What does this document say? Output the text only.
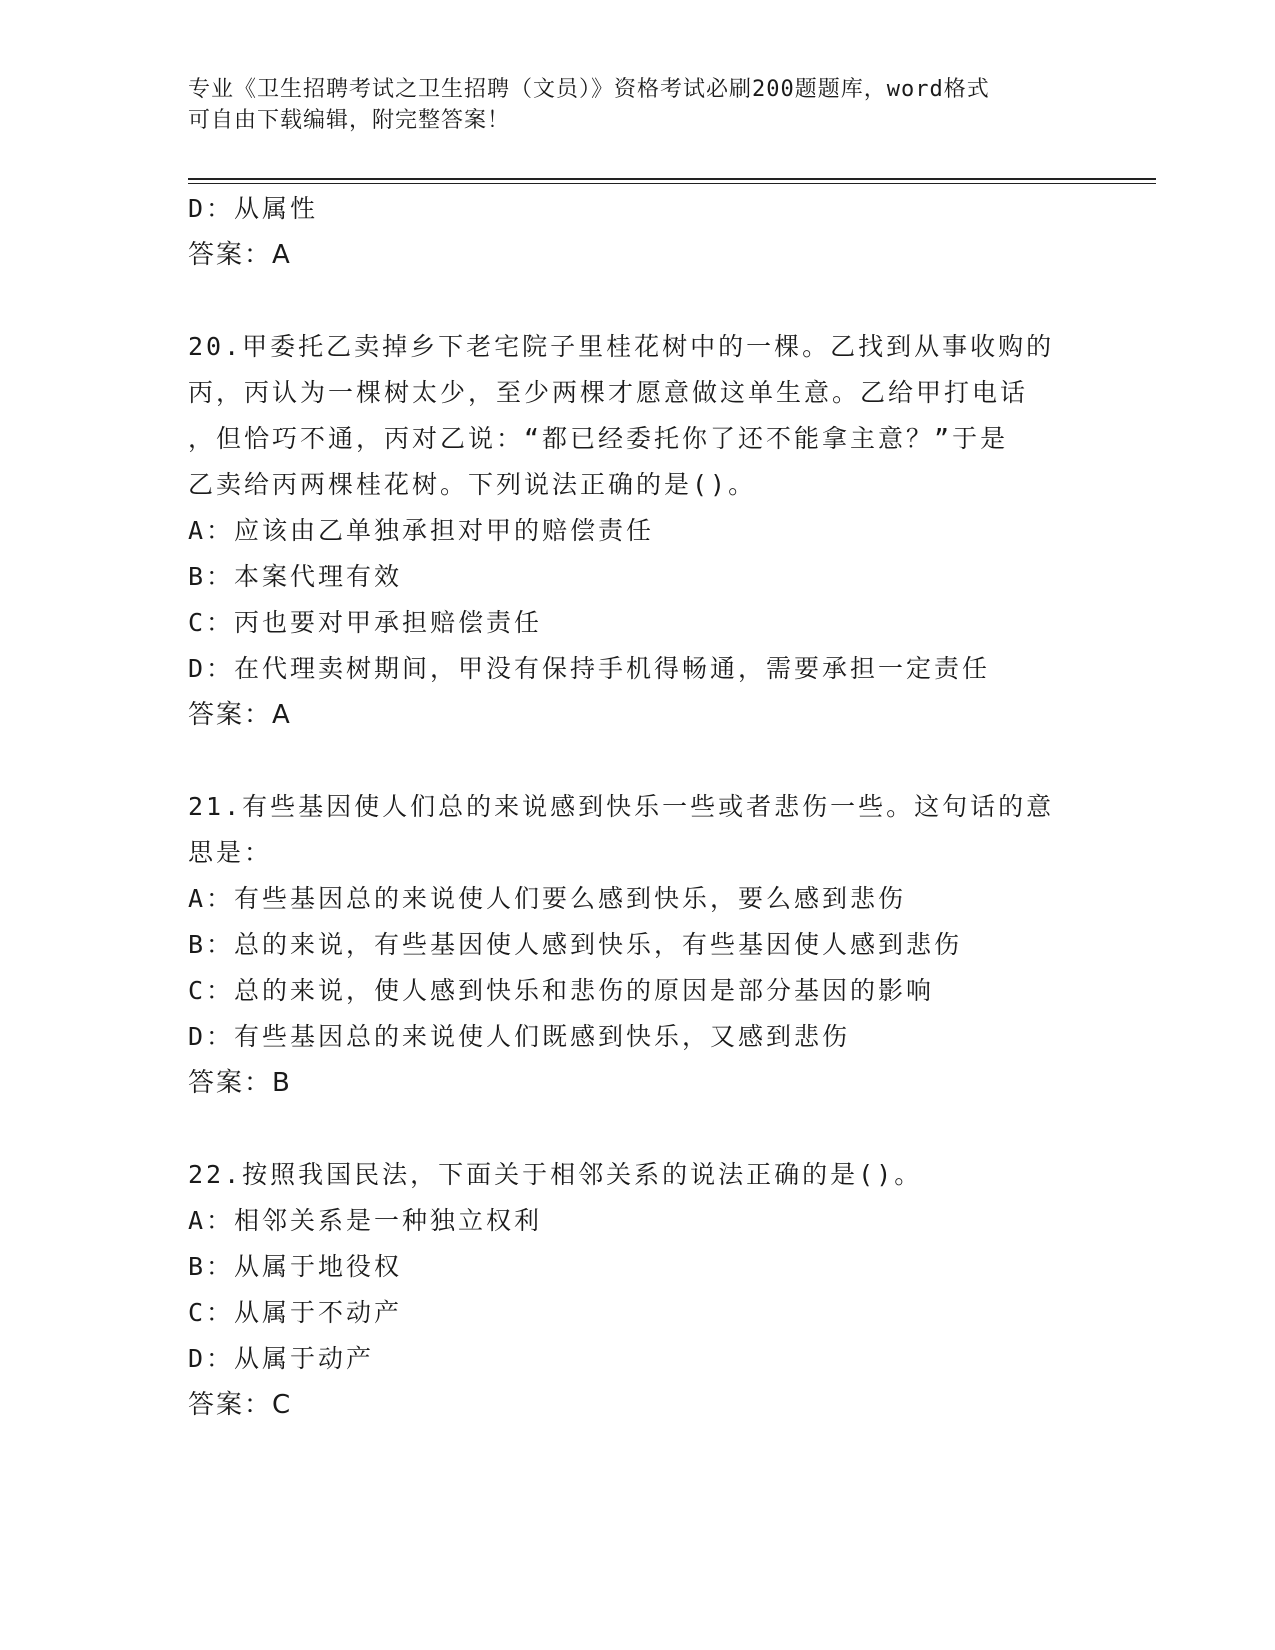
专业《卫生招聘考试之卫生招聘（文员）》资格考试必刷200题题库，word格式
可自由下载编辑，附完整答案！
D：从属性
答案：A
20.甲委托乙卖掉乡下老宅院子里桂花树中的一棵。乙找到从事收购的
丙，丙认为一棵树太少，至少两棵才愿意做这单生意。乙给甲打电话
，但恰巧不通，丙对乙说：“都已经委托你了还不能拿主意？”于是
乙卖给丙两棵桂花树。下列说法正确的是()。
A：应该由乙单独承担对甲的赔偿责任
B：本案代理有效
C：丙也要对甲承担赔偿责任
D：在代理卖树期间，甲没有保持手机得畅通，需要承担一定责任
答案：A
21.有些基因使人们总的来说感到快乐一些或者悲伤一些。这句话的意
思是：
A：有些基因总的来说使人们要么感到快乐，要么感到悲伤
B：总的来说，有些基因使人感到快乐，有些基因使人感到悲伤
C：总的来说，使人感到快乐和悲伤的原因是部分基因的影响
D：有些基因总的来说使人们既感到快乐，又感到悲伤
答案：B
22.按照我国民法，下面关于相邻关系的说法正确的是()。
A：相邻关系是一种独立权利
B：从属于地役权
C：从属于不动产
D：从属于动产
答案：C
